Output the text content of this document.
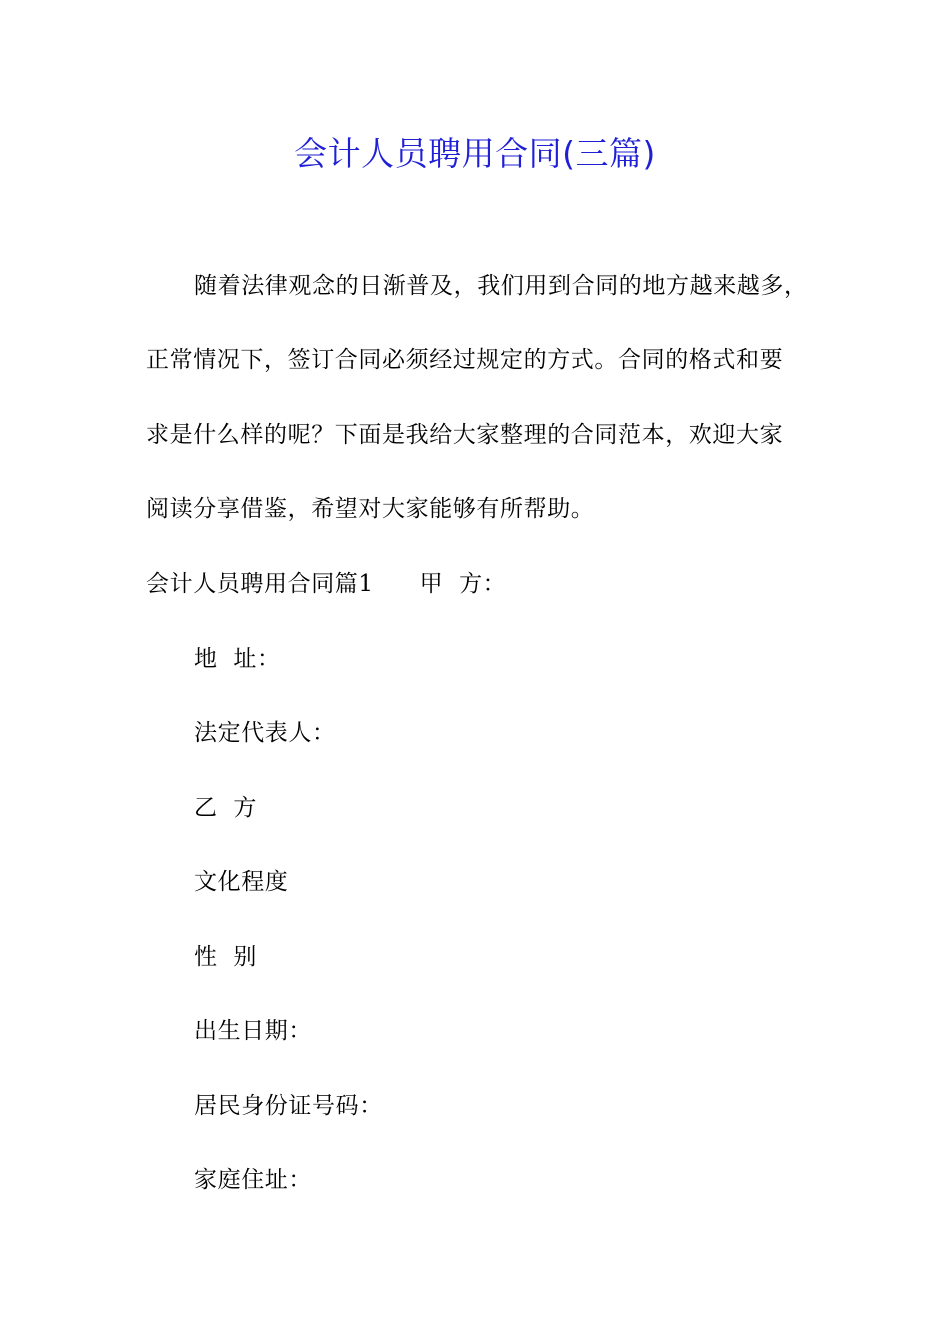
会计人员聘用合同(三篇)
随着法律观念的日渐普及，我们用到合同的地方越来越多，
正常情况下，签订合同必须经过规定的方式。合同的格式和要
求是什么样的呢？下面是我给大家整理的合同范本，欢迎大家
阅读分享借鉴，希望对大家能够有所帮助。
会计人员聘用合同篇1 甲  方：
地  址：
法定代表人：
乙  方
文化程度
性  别
出生日期：
居民身份证号码：
家庭住址：
